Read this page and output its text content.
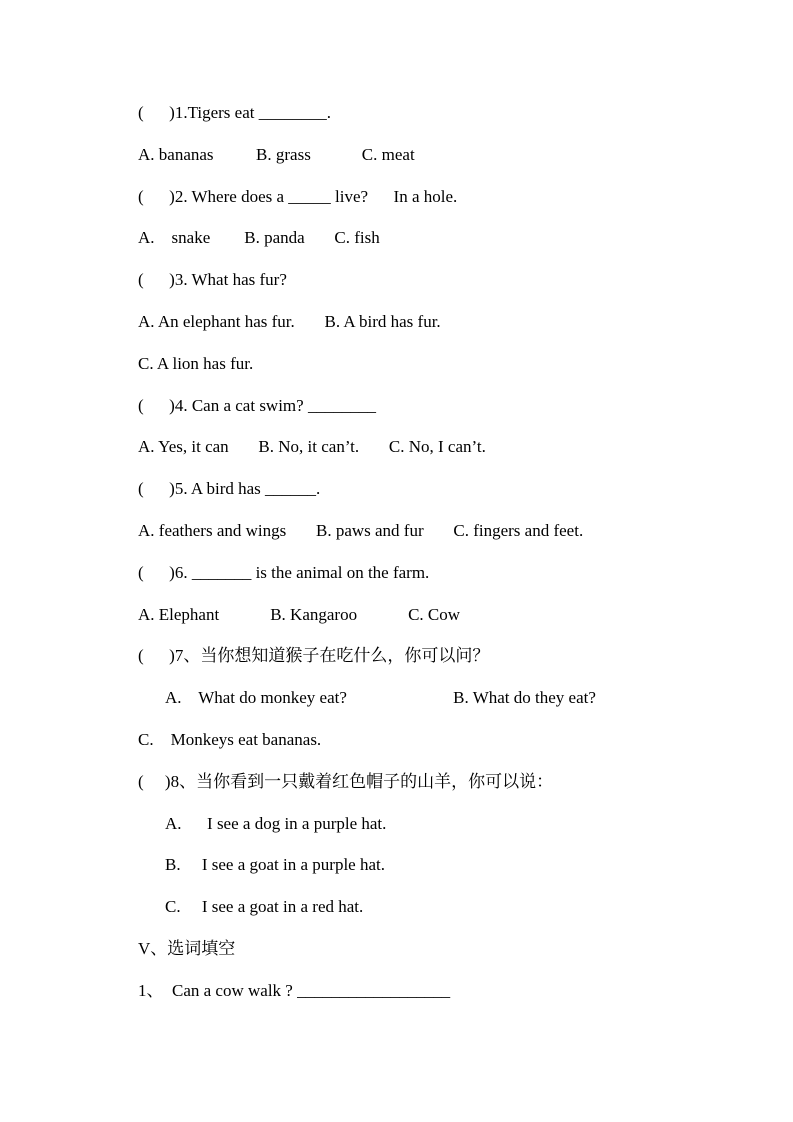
(      )1.Tigers eat ________.
A. bananas          B. grass            C. meat
(      )2. Where does a _____ live?      In a hole.
A.    snake        B. panda       C. fish
(      )3. What has fur?
A. An elephant has fur.       B. A bird has fur.
C. A lion has fur.
(      )4. Can a cat swim? ________
A. Yes, it can       B. No, it can’t.       C. No, I can’t.
(      )5. A bird has ______.
A. feathers and wings       B. paws and fur       C. fingers and feet.
(      )6. _______ is the animal on the farm.
A. Elephant            B. Kangaroo            C. Cow
(      )7、当你想知道猴子在吃什么，你可以问？
A.    What do monkey eat?                         B. What do they eat?
C.    Monkeys eat bananas.
(     )8、当你看到一只戴着红色帽子的山羊，你可以说：
A.      I see a dog in a purple hat.
B.     I see a goat in a purple hat.
C.     I see a goat in a red hat.
V、选词填空
1、  Can a cow walk ? __________________
